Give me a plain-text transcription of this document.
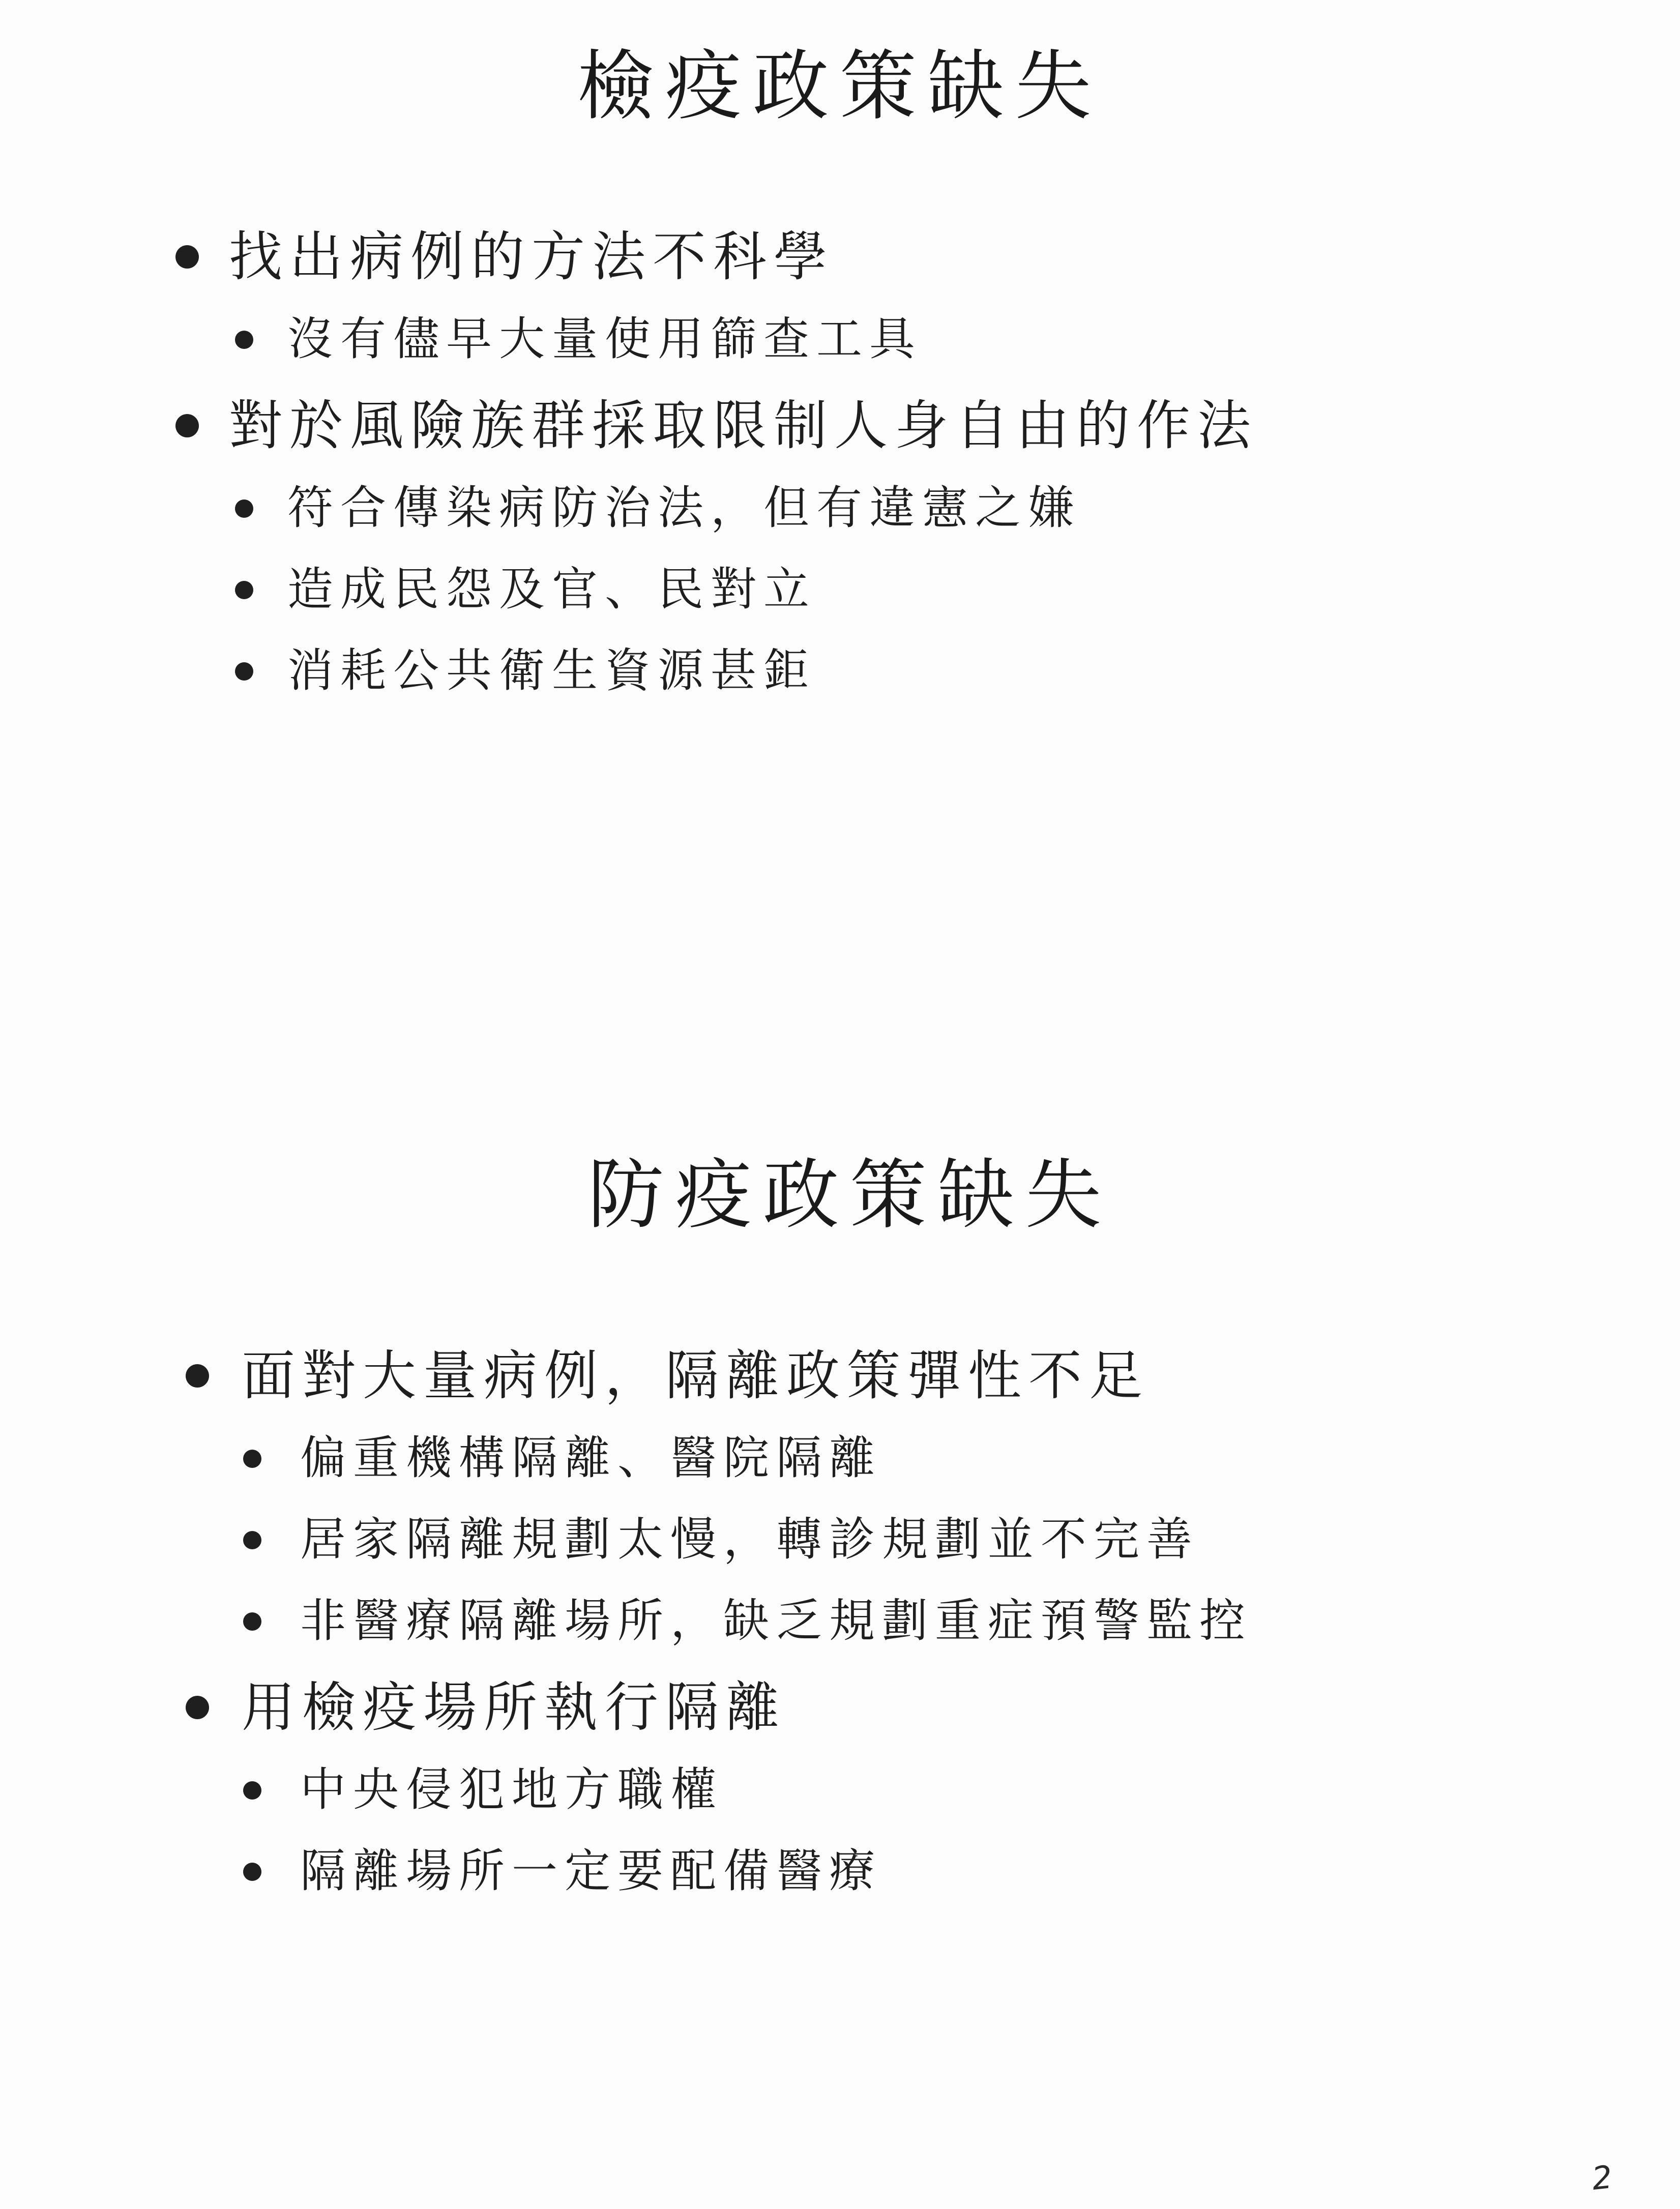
檢疫政策缺失
找出病例的方法不科學
沒有儘早大量使用篩查工具
對於風險族群採取限制人身自由的作法
符合傳染病防治法，但有違憲之嫌
造成民怨及官、民對立
消耗公共衛生資源甚鉅
防疫政策缺失
面對大量病例，隔離政策彈性不足
偏重機構隔離、醫院隔離
居家隔離規劃太慢，轉診規劃並不完善
非醫療隔離場所，缺乏規劃重症預警監控
用檢疫場所執行隔離
中央侵犯地方職權
隔離場所一定要配備醫療
2
